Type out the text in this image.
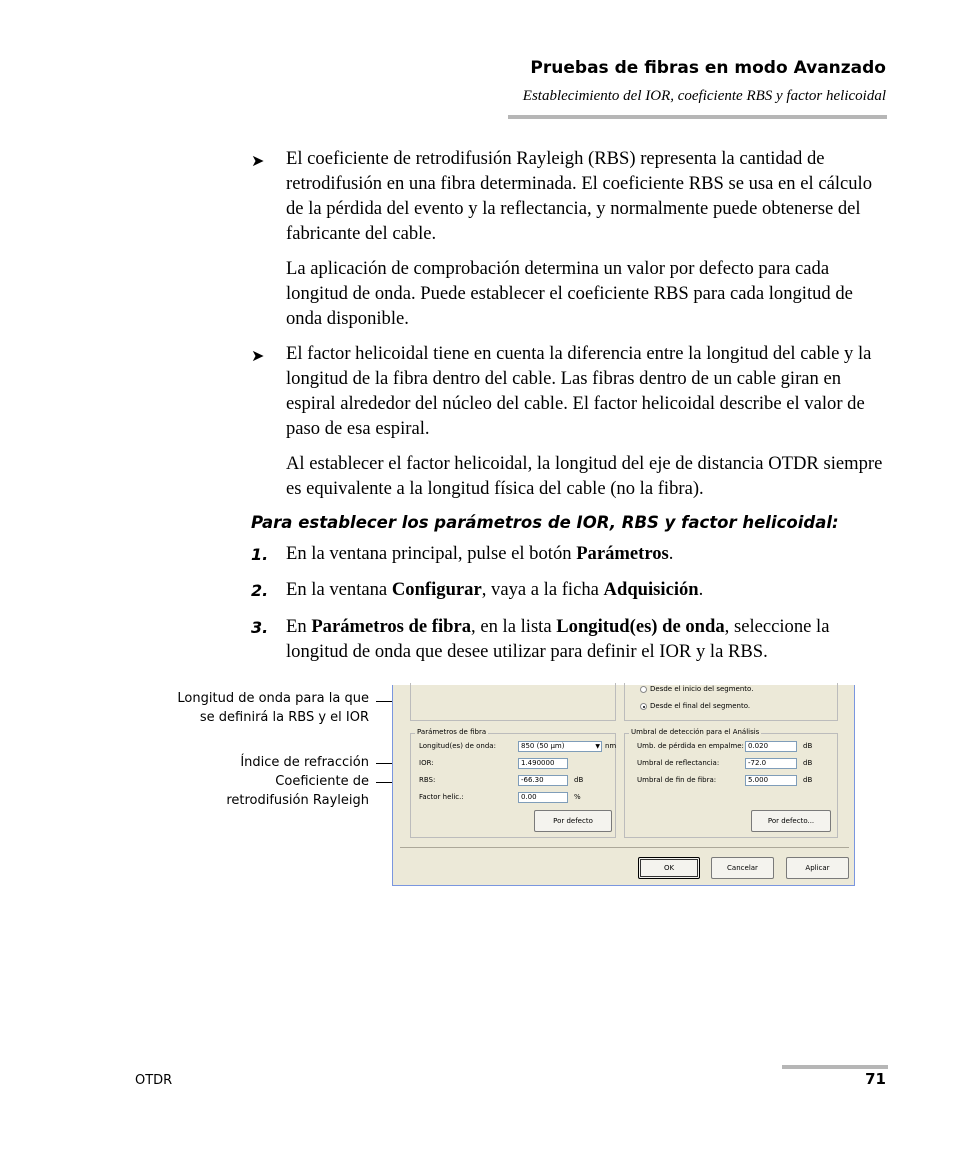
Pruebas de fibras en modo Avanzado
Establecimiento del IOR, coeficiente RBS y factor helicoidal
➤ El coeficiente de retrodifusión Rayleigh (RBS) representa la cantidad de retrodifusión en una fibra determinada. El coeficiente RBS se usa en el cálculo de la pérdida del evento y la reflectancia, y normalmente puede obtenerse del fabricante del cable.
La aplicación de comprobación determina un valor por defecto para cada longitud de onda. Puede establecer el coeficiente RBS para cada longitud de onda disponible.
➤ El factor helicoidal tiene en cuenta la diferencia entre la longitud del cable y la longitud de la fibra dentro del cable. Las fibras dentro de un cable giran en espiral alrededor del núcleo del cable. El factor helicoidal describe el valor de paso de esa espiral.
Al establecer el factor helicoidal, la longitud del eje de distancia OTDR siempre es equivalente a la longitud física del cable (no la fibra).
Para establecer los parámetros de IOR, RBS y factor helicoidal:
1. En la ventana principal, pulse el botón Parámetros.
2. En la ventana Configurar, vaya a la ficha Adquisición.
3. En Parámetros de fibra, en la lista Longitud(es) de onda, seleccione la longitud de onda que desee utilizar para definir el IOR y la RBS.
Longitud de onda para la que
se definirá la RBS y el IOR
Índice de refracción
Coeficiente de
retrodifusión Rayleigh
Desde el inicio del segmento.
Desde el final del segmento.
Parámetros de fibra
Longitud(es) de onda:	850 (50 µm)	▼ nm
IOR:	1.490000
RBS:	-66.30	dB
Factor helic.:	0.00	%
Por defecto
Umbral de detección para el Análisis
Umb. de pérdida en empalme: 0.020	dB
Umbral de reflectancia:	-72.0	dB
Umbral de fin de fibra:	5.000	dB
Por defecto...
OK	Cancelar	Aplicar
OTDR	71
